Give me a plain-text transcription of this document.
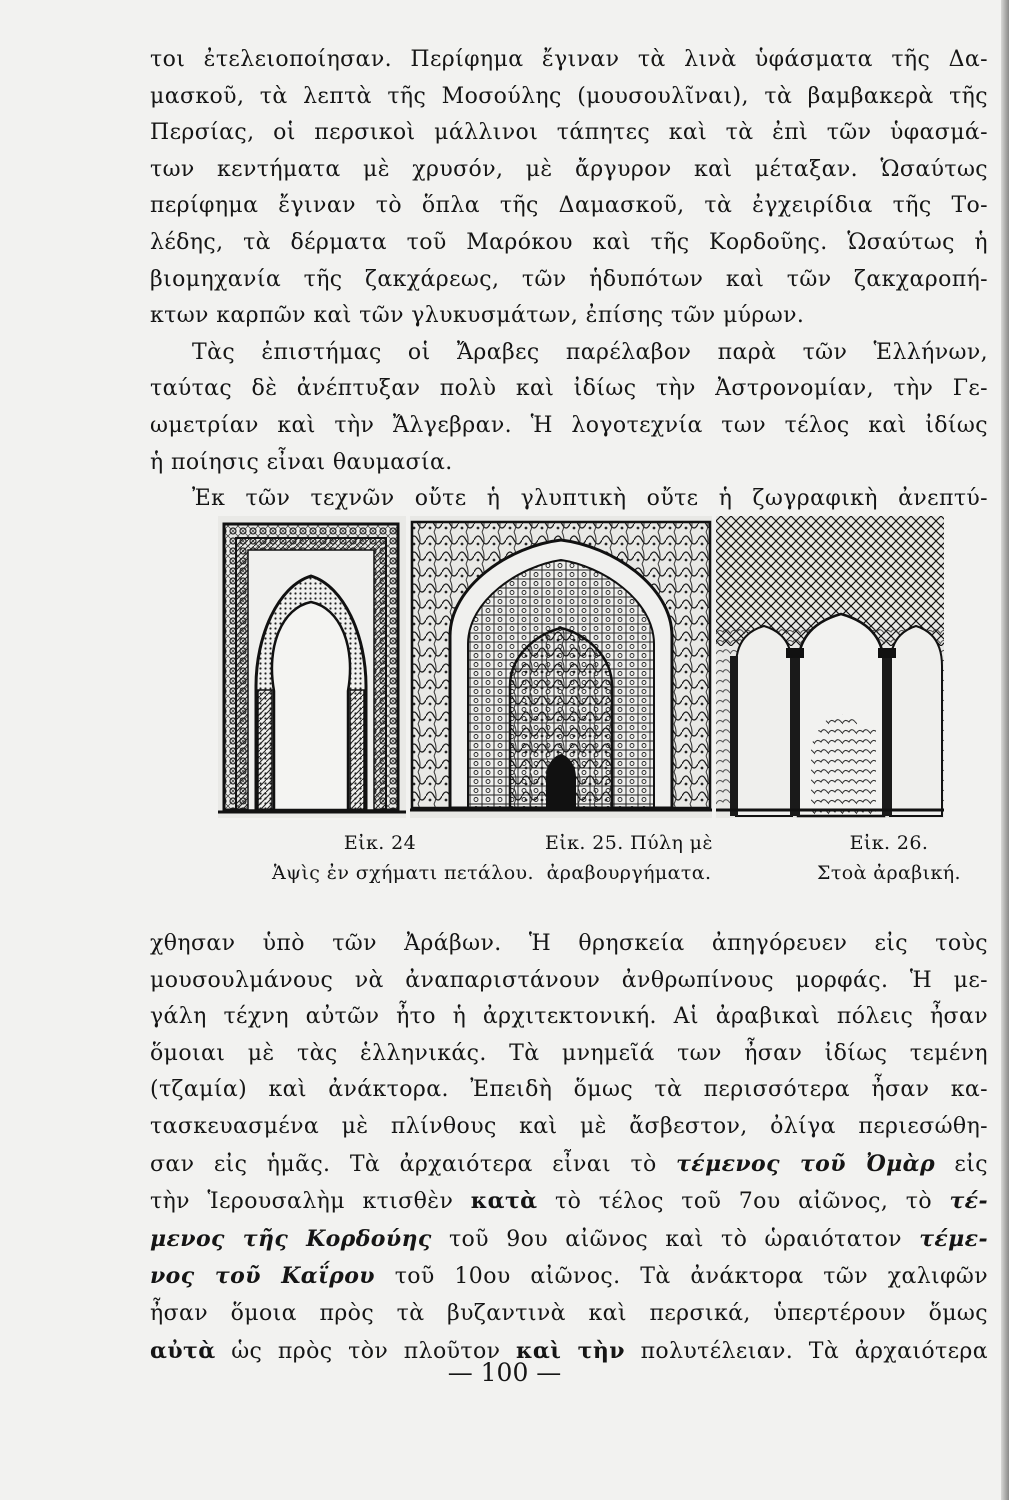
τοι ἐτελειοποίησαν. Περίφημα ἔγιναν τὰ λινὰ ὑφάσματα τῆς Δα-

μασκοῦ, τὰ λεπτὰ τῆς Μοσούλης (μουσουλῖναι), τὰ βαμβακερὰ τῆς

Περσίας, οἱ περσικοὶ μάλλινοι τάπητες καὶ τὰ ἐπὶ τῶν ὑφασμά-

των κεντήματα μὲ χρυσόν, μὲ ἄργυρον καὶ μέταξαν. Ὡσαύτως

περίφημα ἔγιναν τὸ ὅπλα τῆς Δαμασκοῦ, τὰ ἐγχειρίδια τῆς Το-

λέδης, τὰ δέρματα τοῦ Μαρόκου καὶ τῆς Κορδοῦης. Ὡσαύτως ἡ

βιομηχανία τῆς ζακχάρεως, τῶν ἡδυπότων καὶ τῶν ζακχαροπή-

κτων καρπῶν καὶ τῶν γλυκυσμάτων, ἐπίσης τῶν μύρων.

Τὰς ἐπιστήμας οἱ Ἄραβες παρέλαβον παρὰ τῶν Ἑλλήνων,

ταύτας δὲ ἀνέπτυξαν πολὺ καὶ ἰδίως τὴν Ἀστρονομίαν, τὴν Γε-

ωμετρίαν καὶ τὴν Ἄλγεβραν. Ἡ λογοτεχνία των τέλος καὶ ἰδίως

ἡ ποίησις εἶναι θαυμασία.

Ἐκ τῶν τεχνῶν οὔτε ἡ γλυπτικὴ οὔτε ἡ ζωγραφικὴ ἀνεπτύ-

Εἰκ. 24
Ἁψὶς ἐν σχήματι πετάλου.
Εἰκ. 25. Πύλη μὲ
ἀραβουργήματα.
Εἰκ. 26.
Στοὰ ἀραβική.

χθησαν ὑπὸ τῶν Ἀράβων. Ἡ θρησκεία ἀπηγόρευεν εἰς τοὺς

μουσουλμάνους νὰ ἀναπαριστάνουν ἀνθρωπίνους μορφάς. Ἡ με-

γάλη τέχνη αὐτῶν ἦτο ἡ ἀρχιτεκτονική. Αἱ ἀραβικαὶ πόλεις ἦσαν

ὅμοιαι μὲ τὰς ἑλληνικάς. Τὰ μνημεῖά των ἦσαν ἰδίως τεμένη

(τζαμία) καὶ ἀνάκτορα. Ἐπειδὴ ὅμως τὰ περισσότερα ἦσαν κα-

τασκευασμένα μὲ πλίνθους καὶ μὲ ἄσβεστον, ὀλίγα περιεσώθη-

σαν εἰς ἡμᾶς. Τὰ ἀρχαιότερα εἶναι τὸ τέμενος τοῦ Ὀμὰρ εἰς

τὴν Ἱερουσαλὴμ κτισθὲν κατὰ τὸ τέλος τοῦ 7ου αἰῶνος, τὸ τέ-

μενος τῆς Κορδούης τοῦ 9ου αἰῶνος καὶ τὸ ὡραιότατον τέμε-

νος τοῦ Καΐρου τοῦ 10ου αἰῶνος. Τὰ ἀνάκτορα τῶν χαλιφῶν

ἦσαν ὅμοια πρὸς τὰ βυζαντινὰ καὶ περσικά, ὑπερτέρουν ὅμως

αὐτὰ ὡς πρὸς τὸν πλοῦτον καὶ τὴν πολυτέλειαν. Τὰ ἀρχαιότερα

— 100 —
